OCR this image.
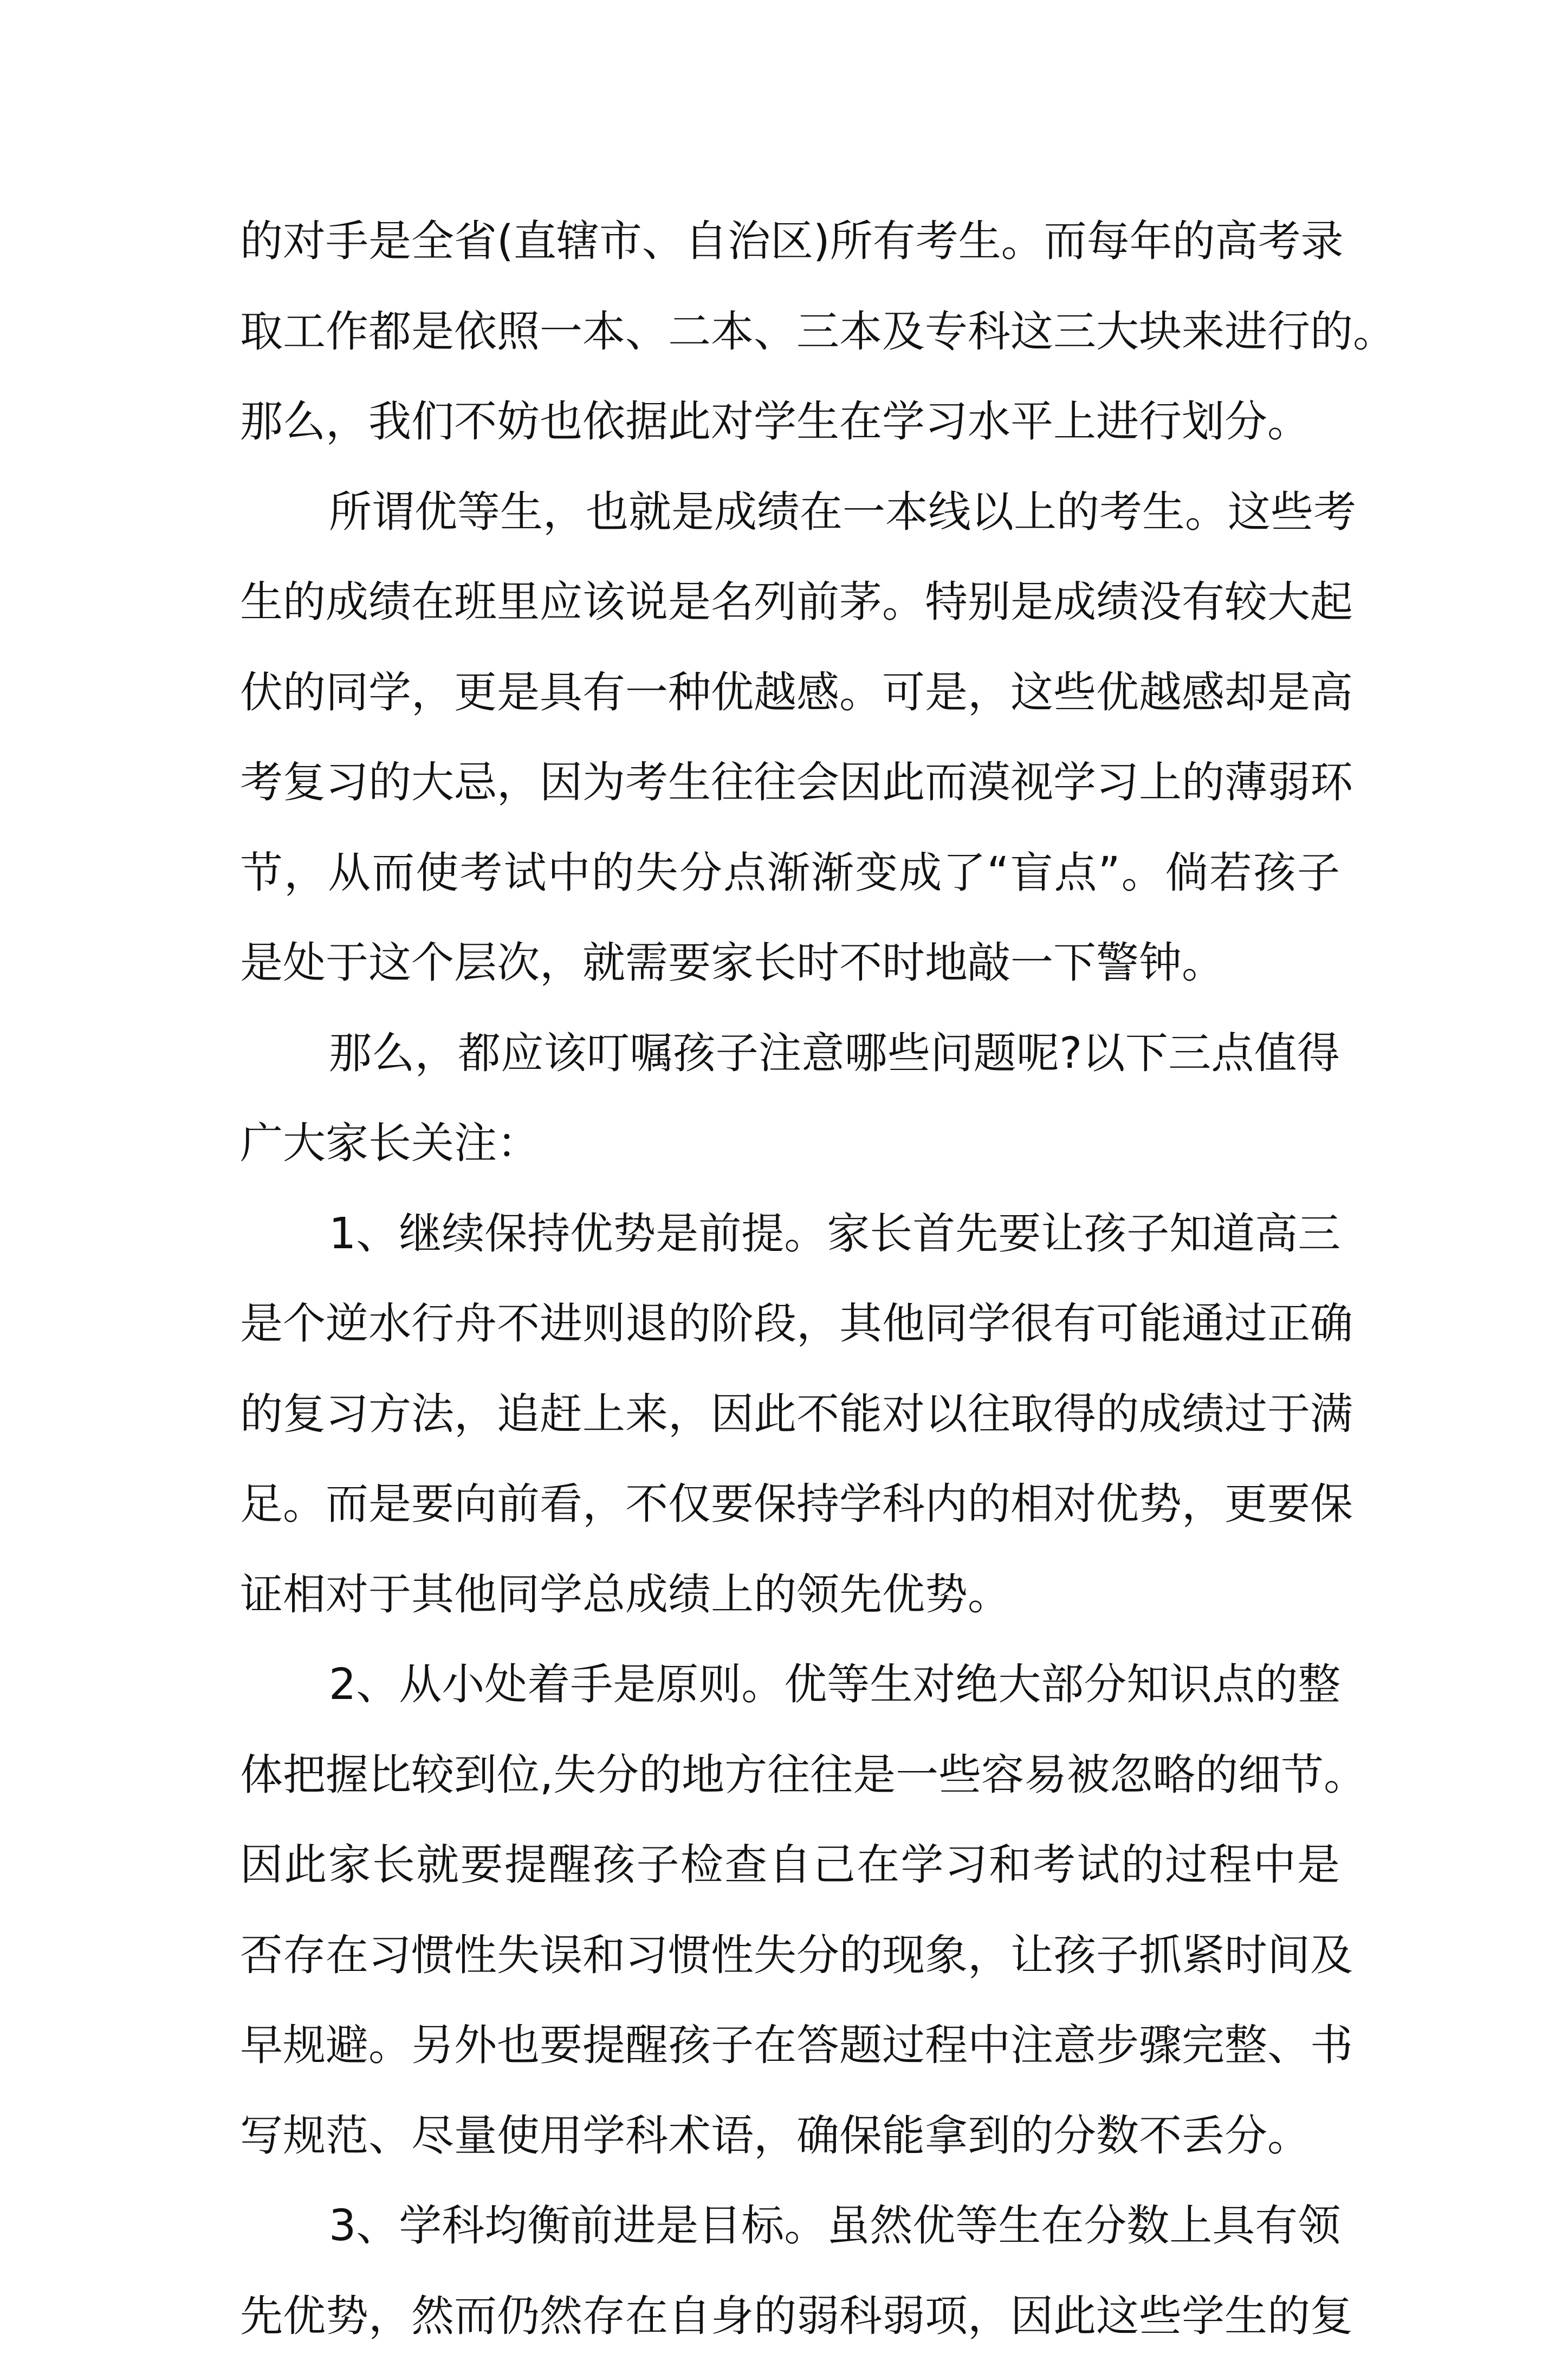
的对手是全省(直辖市、自治区)所有考生。而每年的高考录
取工作都是依照一本、二本、三本及专科这三大块来进行的。
那么，我们不妨也依据此对学生在学习水平上进行划分。
所谓优等生，也就是成绩在一本线以上的考生。这些考
生的成绩在班里应该说是名列前茅。特别是成绩没有较大起
伏的同学，更是具有一种优越感。可是，这些优越感却是高
考复习的大忌，因为考生往往会因此而漠视学习上的薄弱环
节，从而使考试中的失分点渐渐变成了“盲点”。倘若孩子
是处于这个层次，就需要家长时不时地敲一下警钟。
那么，都应该叮嘱孩子注意哪些问题呢?以下三点值得
广大家长关注：
1、继续保持优势是前提。家长首先要让孩子知道高三
是个逆水行舟不进则退的阶段，其他同学很有可能通过正确
的复习方法，追赶上来，因此不能对以往取得的成绩过于满
足。而是要向前看，不仅要保持学科内的相对优势，更要保
证相对于其他同学总成绩上的领先优势。
2、从小处着手是原则。优等生对绝大部分知识点的整
体把握比较到位,失分的地方往往是一些容易被忽略的细节。
因此家长就要提醒孩子检查自己在学习和考试的过程中是
否存在习惯性失误和习惯性失分的现象，让孩子抓紧时间及
早规避。另外也要提醒孩子在答题过程中注意步骤完整、书
写规范、尽量使用学科术语，确保能拿到的分数不丢分。
3、学科均衡前进是目标。虽然优等生在分数上具有领
先优势，然而仍然存在自身的弱科弱项，因此这些学生的复
